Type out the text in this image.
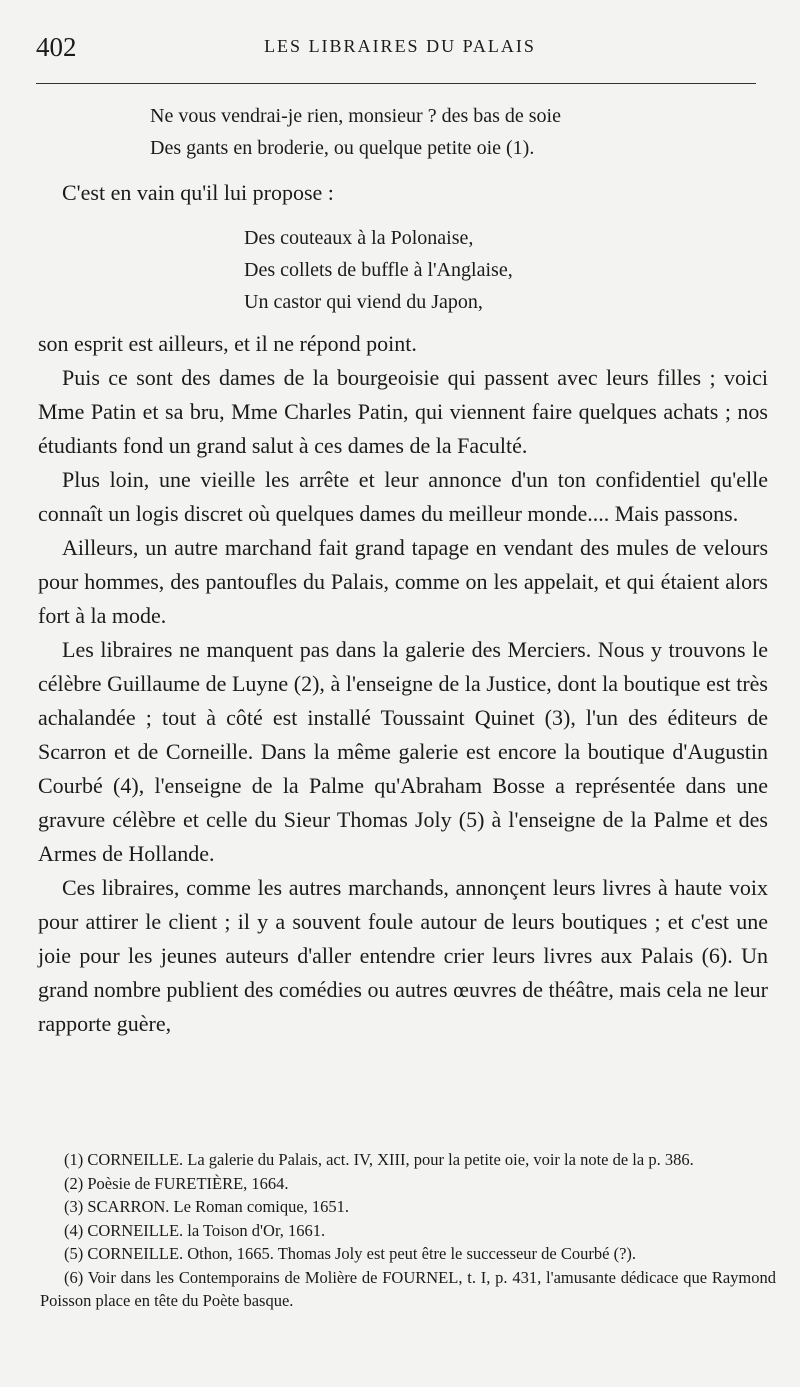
402	LES LIBRAIRES DU PALAIS
Ne vous vendrai-je rien, monsieur ? des bas de soie
Des gants en broderie, ou quelque petite oie (1).

C'est en vain qu'il lui propose :

Des couteaux à la Polonaise,
Des collets de buffle à l'Anglaise,
Un castor qui viend du Japon,

son esprit est ailleurs, et il ne répond point.

Puis ce sont des dames de la bourgeoisie qui passent avec leurs filles ; voici Mme Patin et sa bru, Mme Charles Patin, qui viennent faire quelques achats ; nos étudiants fond un grand salut à ces dames de la Faculté.

Plus loin, une vieille les arrête et leur annonce d'un ton confidentiel qu'elle connaît un logis discret où quelques dames du meilleur monde.... Mais passons.

Ailleurs, un autre marchand fait grand tapage en vendant des mules de velours pour hommes, des pantoufles du Palais, comme on les appelait, et qui étaient alors fort à la mode.

Les libraires ne manquent pas dans la galerie des Merciers. Nous y trouvons le célèbre Guillaume de Luyne (2), à l'enseigne de la Justice, dont la boutique est très achalandée ; tout à côté est installé Toussaint Quinet (3), l'un des éditeurs de Scarron et de Corneille. Dans la même galerie est encore la boutique d'Augustin Courbé (4), l'enseigne de la Palme qu'Abraham Bosse a représentée dans une gravure célèbre et celle du Sieur Thomas Joly (5) à l'enseigne de la Palme et des Armes de Hollande.

Ces libraires, comme les autres marchands, annonçent leurs livres à haute voix pour attirer le client ; il y a souvent foule autour de leurs boutiques ; et c'est une joie pour les jeunes auteurs d'aller entendre crier leurs livres aux Palais (6). Un grand nombre publient des comédies ou autres œuvres de théâtre, mais cela ne leur rapporte guère,

(1) CORNEILLE. La galerie du Palais, act. IV, XIII, pour la petite oie, voir la note de la p. 386.

(2) Poèsie de FURETIÈRE, 1664.

(3) SCARRON. Le Roman comique, 1651.

(4) CORNEILLE. la Toison d'Or, 1661.

(5) CORNEILLE. Othon, 1665. Thomas Joly est peut être le successeur de Courbé (?).

(6) Voir dans les Contemporains de Molière de FOURNEL, t. I, p. 431, l'amusante dédicace que Raymond Poisson place en tête du Poète basque.
